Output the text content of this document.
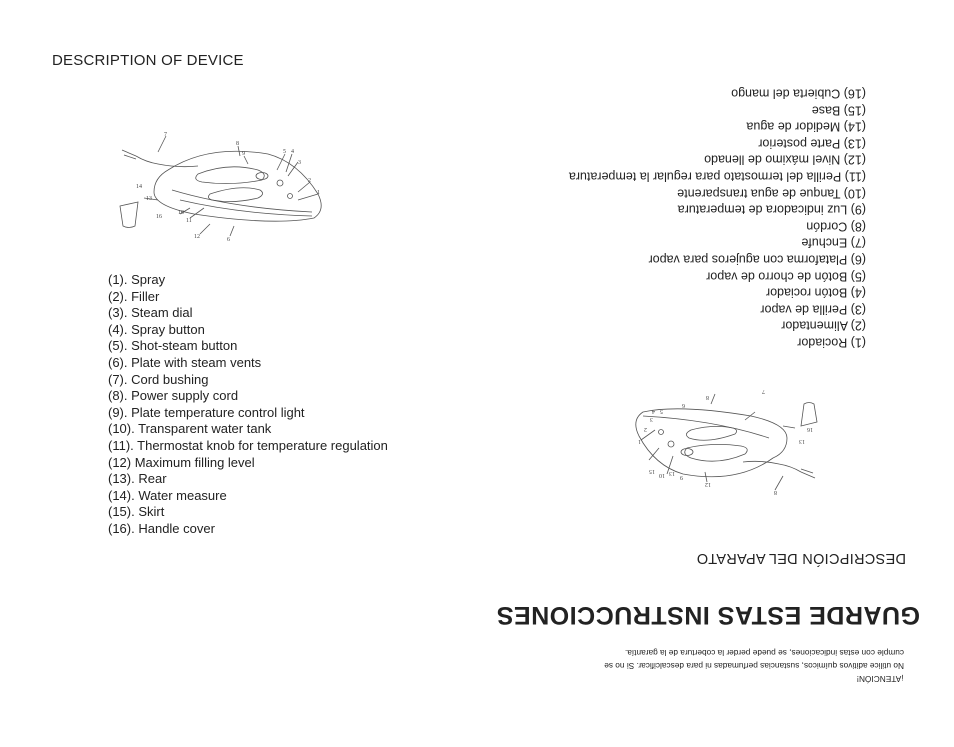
DESCRIPTION OF DEVICE
7
8
9	5 4
3
2
1
14
13
10
16
11
12	6
(1). Spray
(2). Filler
(3). Steam dial
(4). Spray button
(5). Shot-steam button
(6). Plate with steam vents
(7). Cord bushing
(8). Power supply cord
(9). Plate temperature control light
(10). Transparent water tank
(11). Thermostat knob for temperature regulation
(12) Maximum filling level
(13). Rear
(14). Water measure
(15). Skirt
(16). Handle cover
(1) Rociador
(2) Alimentador
(3) Perilla de vapor
(4) Botón rociador
(5) Botón de chorro de vapor
(6) Plataforma con agujeros para vapor
(7) Enchufe
(8) Cordón
(9) Luz indicadora de temperatura
(10) Tanque de agua transparente
(11) Perilla del termostato para regular la temperatura
(12) Nivel máximo de llenado
(13) Parte posterior
(14) Medidor de agua
(15) Base
(16) Cubierta del mango
8
12
9
13
10
15
1	13
16
2
3
5
4
6
8
7
DESCRIPCIÓN DEL APARATO
GUARDE ESTAS INSTRUCCIONES

¡ATENCIÓN!

No utilice aditivos químicos, sustancias perfumadas ni para descalcificar. Si no se

cumple con estas indicaciones, se puede perder la cobertura de la garantía.
